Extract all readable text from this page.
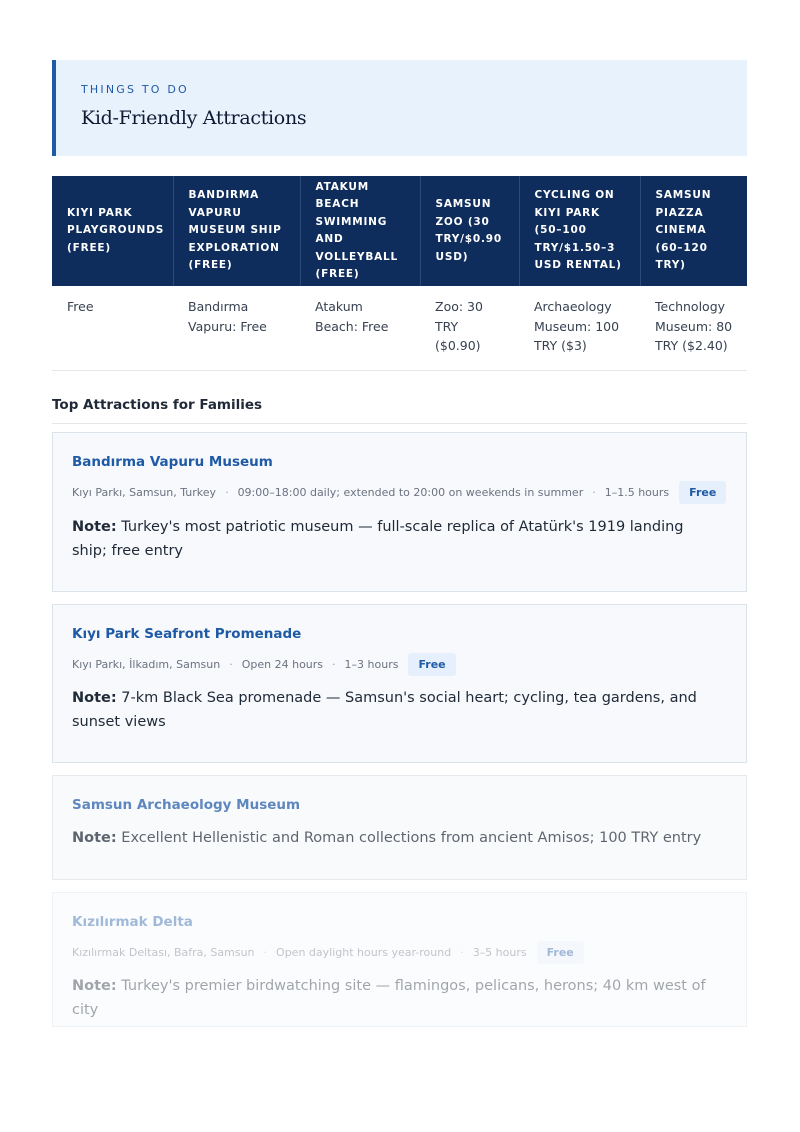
THINGS TO DO
Kid-Friendly Attractions
KIYI PARK PLAYGROUNDS (FREE)	BANDIRMA VAPURU MUSEUM SHIP EXPLORATION (FREE)	ATAKUM BEACH SWIMMING AND VOLLEYBALL (FREE)	SAMSUN ZOO (30 TRY/$0.90 USD)	CYCLING ON KIYI PARK (50–100 TRY/$1.50–3 USD RENTAL)	SAMSUN PIAZZA CINEMA (60–120 TRY)
Free	Bandırma Vapuru: Free	Atakum Beach: Free	Zoo: 30 TRY ($0.90)	Archaeology Museum: 100 TRY ($3)	Technology Museum: 80 TRY ($2.40)
Top Attractions for Families
Bandırma Vapuru Museum
Kıyı Parkı, Samsun, Turkey · 09:00–18:00 daily; extended to 20:00 on weekends in summer · 1–1.5 hours	Free
Note: Turkey's most patriotic museum — full-scale replica of Atatürk's 1919 landing ship; free entry
Kıyı Park Seafront Promenade
Kıyı Parkı, İlkadım, Samsun · Open 24 hours · 1–3 hours	Free
Note: 7-km Black Sea promenade — Samsun's social heart; cycling, tea gardens, and sunset views
Samsun Archaeology Museum
Note: Excellent Hellenistic and Roman collections from ancient Amisos; 100 TRY entry
Kızılırmak Delta
Kızılırmak Deltası, Bafra, Samsun · Open daylight hours year-round · 3–5 hours	Free
Note: Turkey's premier birdwatching site — flamingos, pelicans, herons; 40 km west of city
